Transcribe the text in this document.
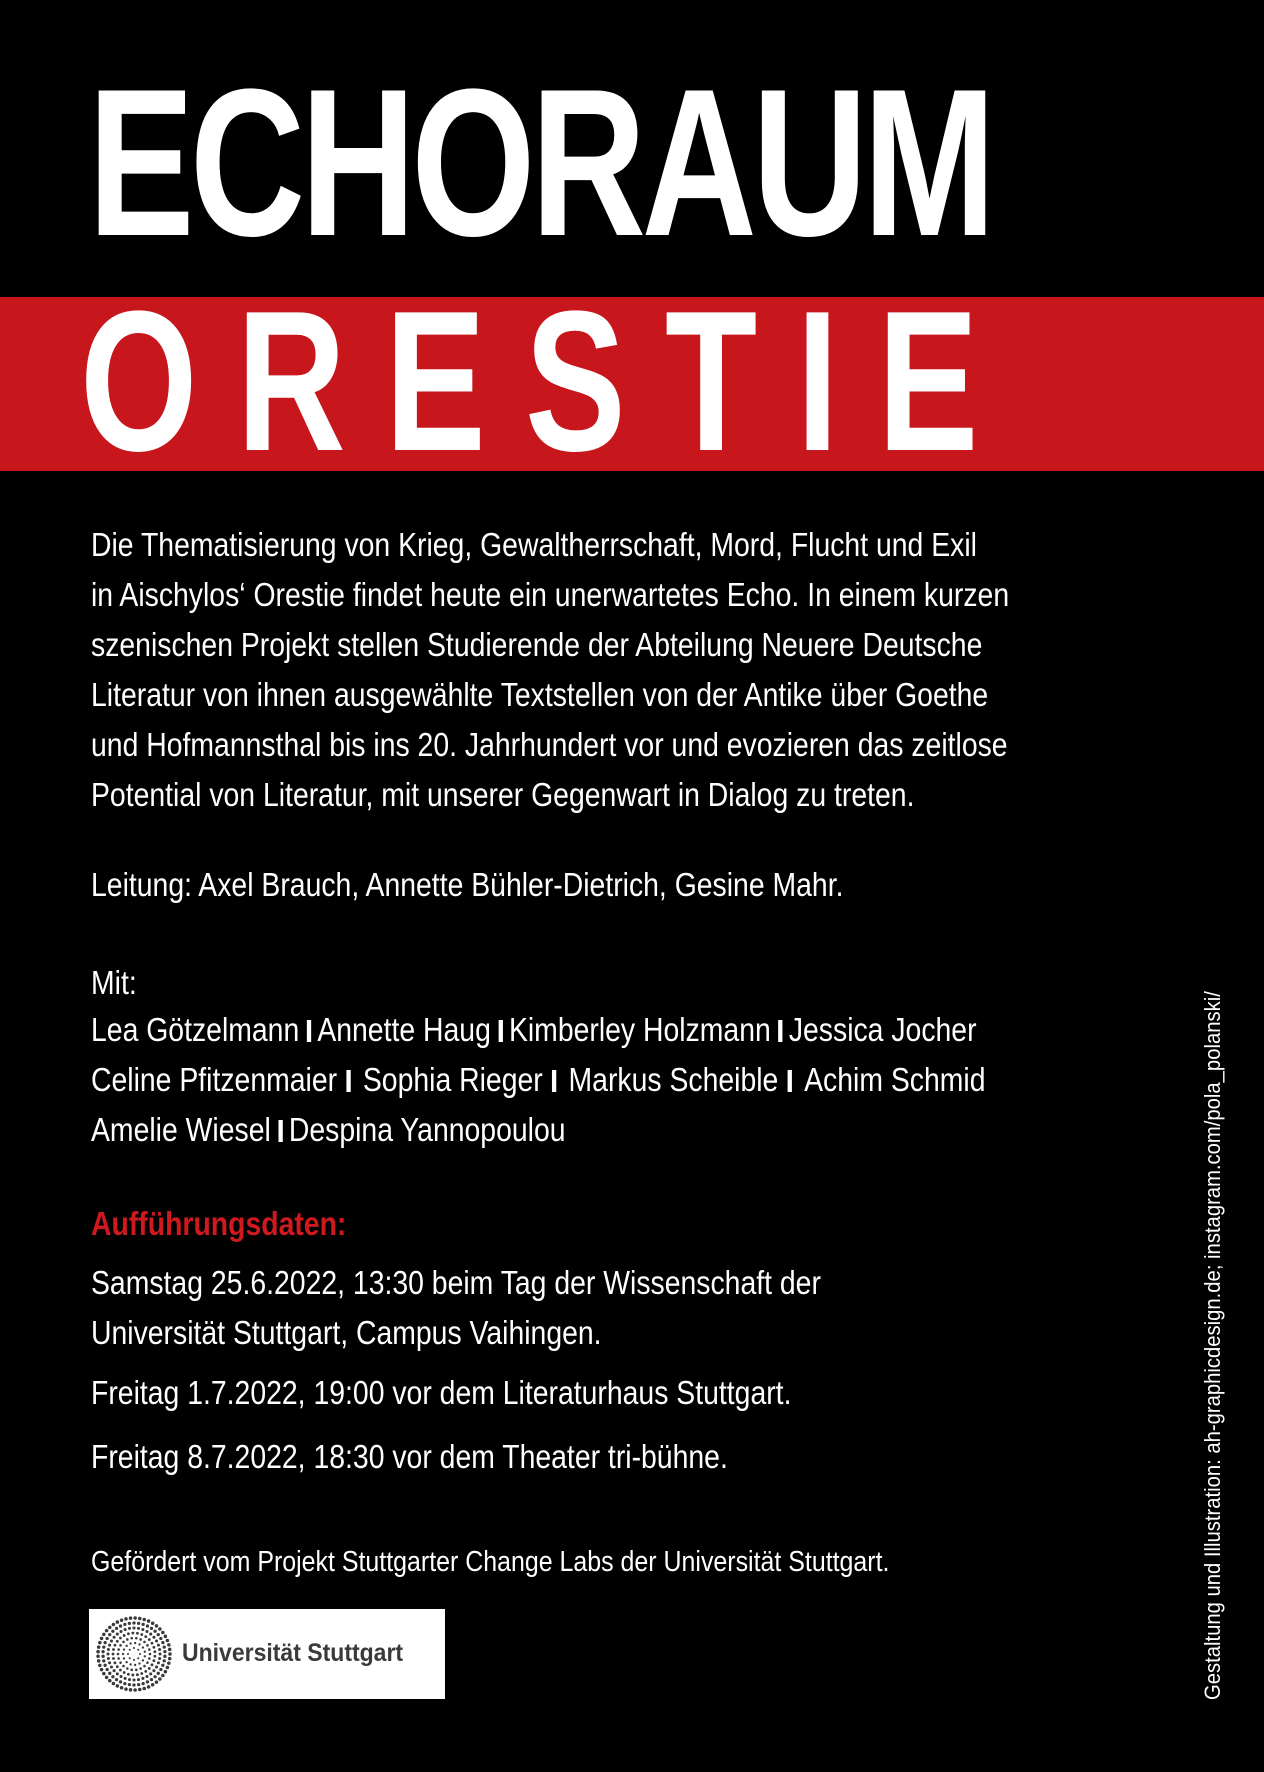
ECHORAUM
ORESTIE
Die Thematisierung von Krieg, Gewaltherrschaft, Mord, Flucht und Exil
in Aischylos‘ Orestie findet heute ein unerwartetes Echo. In einem kurzen
szenischen Projekt stellen Studierende der Abteilung Neuere Deutsche
Literatur von ihnen ausgewählte Textstellen von der Antike über Goethe
und Hofmannsthal bis ins 20. Jahrhundert vor und evozieren das zeitlose
Potential von Literatur, mit unserer Gegenwart in Dialog zu treten.

Leitung: Axel Brauch, Annette Bühler-Dietrich, Gesine Mahr.

Mit:

Lea Götzelmann Annette Haug Kimberley Holzmann Jessica Jocher
Celine Pfitzenmaier Sophia Rieger Markus Scheible Achim Schmid
Amelie Wiesel Despina Yannopoulou
Aufführungsdaten:
Samstag 25.6.2022, 13:30 beim Tag der Wissenschaft der
Universität Stuttgart, Campus Vaihingen.
Freitag 1.7.2022, 19:00 vor dem Literaturhaus Stuttgart.
Freitag 8.7.2022, 18:30 vor dem Theater tri-bühne.

Gefördert vom Projekt Stuttgarter Change Labs der Universität Stuttgart.

Universität Stuttgart	Gestaltung und Illustration: ah-graphicdesign.de; instagram.com/pola_polanski/
